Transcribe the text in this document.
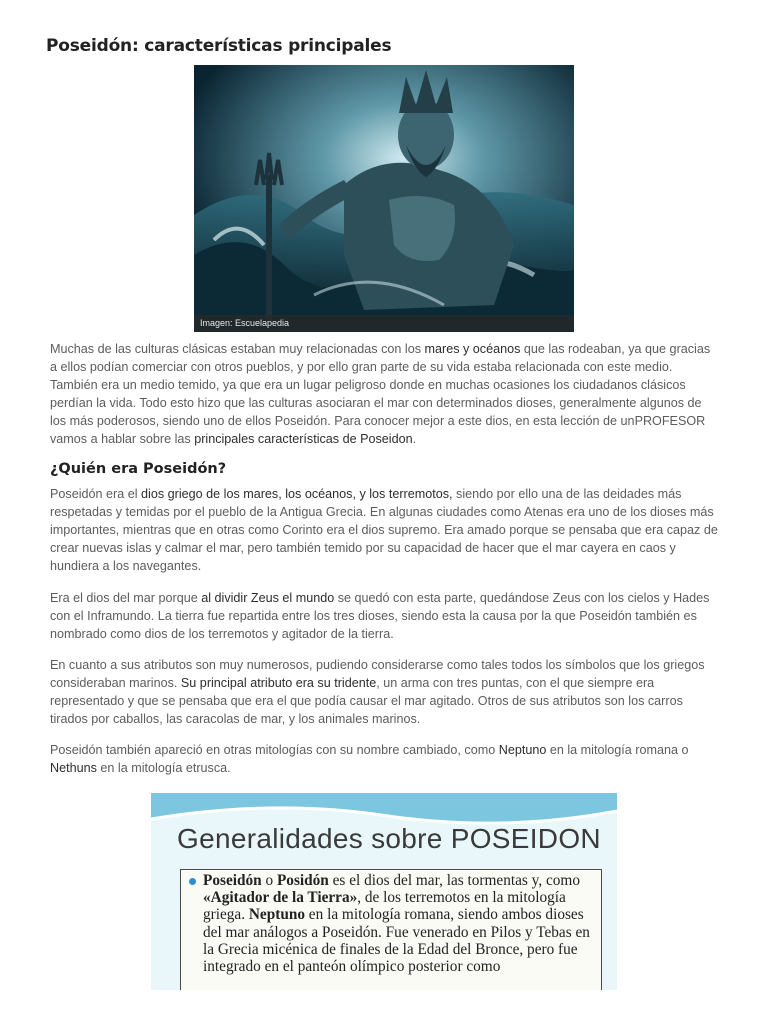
Poseidón: características principales
Imagen: Escuelapedia

Muchas de las culturas clásicas estaban muy relacionadas con los mares y océanos que las rodeaban, ya que gracias a ellos podían comerciar con otros pueblos, y por ello gran parte de su vida estaba relacionada con este medio. También era un medio temido, ya que era un lugar peligroso donde en muchas ocasiones los ciudadanos clásicos perdían la vida. Todo esto hizo que las culturas asociaran el mar con determinados dioses, generalmente algunos de los más poderosos, siendo uno de ellos Poseidón. Para conocer mejor a este dios, en esta lección de unPROFESOR vamos a hablar sobre las principales características de Poseidon.

¿Quién era Poseidón?

Poseidón era el dios griego de los mares, los océanos, y los terremotos, siendo por ello una de las deidades más respetadas y temidas por el pueblo de la Antigua Grecia. En algunas ciudades como Atenas era uno de los dioses más importantes, mientras que en otras como Corinto era el dios supremo. Era amado porque se pensaba que era capaz de crear nuevas islas y calmar el mar, pero también temido por su capacidad de hacer que el mar cayera en caos y hundiera a los navegantes.

Era el dios del mar porque al dividir Zeus el mundo se quedó con esta parte, quedándose Zeus con los cielos y Hades con el Inframundo. La tierra fue repartida entre los tres dioses, siendo esta la causa por la que Poseidón también es nombrado como dios de los terremotos y agitador de la tierra.

En cuanto a sus atributos son muy numerosos, pudiendo considerarse como tales todos los símbolos que los griegos consideraban marinos. Su principal atributo era su tridente, un arma con tres puntas, con el que siempre era representado y que se pensaba que era el que podía causar el mar agitado. Otros de sus atributos son los carros tirados por caballos, las caracolas de mar, y los animales marinos.

Poseidón también apareció en otras mitologías con su nombre cambiado, como Neptuno en la mitología romana o Nethuns en la mitología etrusca.

Generalidades sobre POSEIDON
Poseidón o Posidón es el dios del mar, las tormentas y, como «Agitador de la Tierra», de los terremotos en la mitología griega. Neptuno en la mitología romana, siendo ambos dioses del mar análogos a Poseidón. Fue venerado en Pilos y Tebas en la Grecia micénica de finales de la Edad del Bronce, pero fue integrado en el panteón olímpico posterior como
